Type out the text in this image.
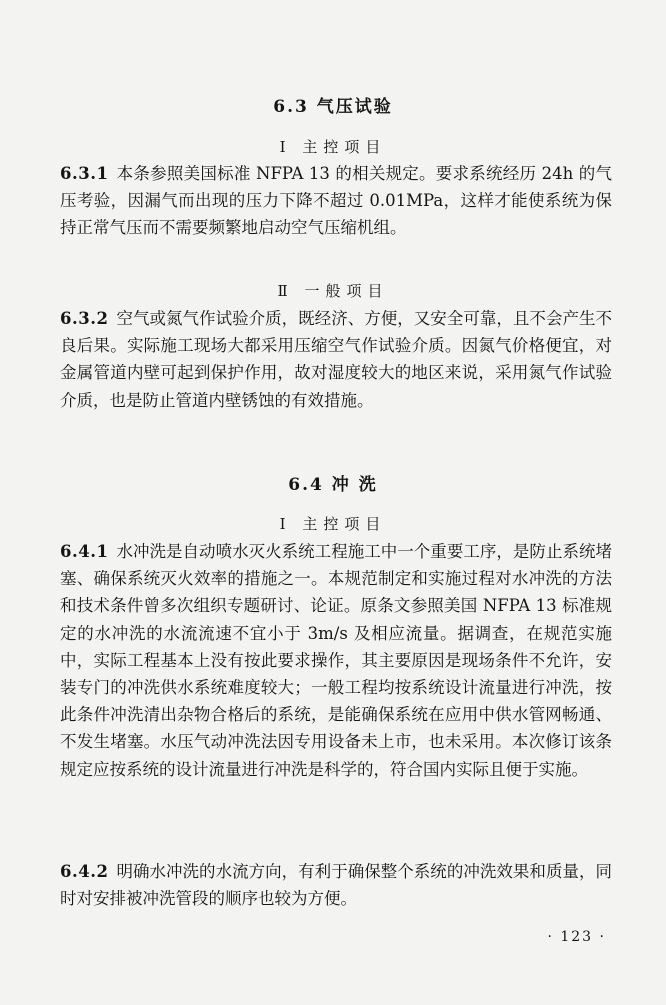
6.3 气压试验
Ⅰ 主控项目
6.3.1 本条参照美国标准 NFPA 13 的相关规定。要求系统经历 24h 的气压考验，因漏气而出现的压力下降不超过 0.01MPa，这样才能使系统为保持正常气压而不需要频繁地启动空气压缩机组。
Ⅱ 一般项目
6.3.2 空气或氮气作试验介质，既经济、方便，又安全可靠，且不会产生不良后果。实际施工现场大都采用压缩空气作试验介质。因氮气价格便宜，对金属管道内壁可起到保护作用，故对湿度较大的地区来说，采用氮气作试验介质，也是防止管道内壁锈蚀的有效措施。
6.4 冲 洗
Ⅰ 主控项目
6.4.1 水冲洗是自动喷水灭火系统工程施工中一个重要工序，是防止系统堵塞、确保系统灭火效率的措施之一。本规范制定和实施过程对水冲洗的方法和技术条件曾多次组织专题研讨、论证。原条文参照美国 NFPA 13 标准规定的水冲洗的水流流速不宜小于 3m/s 及相应流量。据调查，在规范实施中，实际工程基本上没有按此要求操作，其主要原因是现场条件不允许，安装专门的冲洗供水系统难度较大；一般工程均按系统设计流量进行冲洗，按此条件冲洗清出杂物合格后的系统，是能确保系统在应用中供水管网畅通、不发生堵塞。水压气动冲洗法因专用设备未上市，也未采用。本次修订该条规定应按系统的设计流量进行冲洗是科学的，符合国内实际且便于实施。
6.4.2 明确水冲洗的水流方向，有利于确保整个系统的冲洗效果和质量，同时对安排被冲洗管段的顺序也较为方便。
· 123 ·
